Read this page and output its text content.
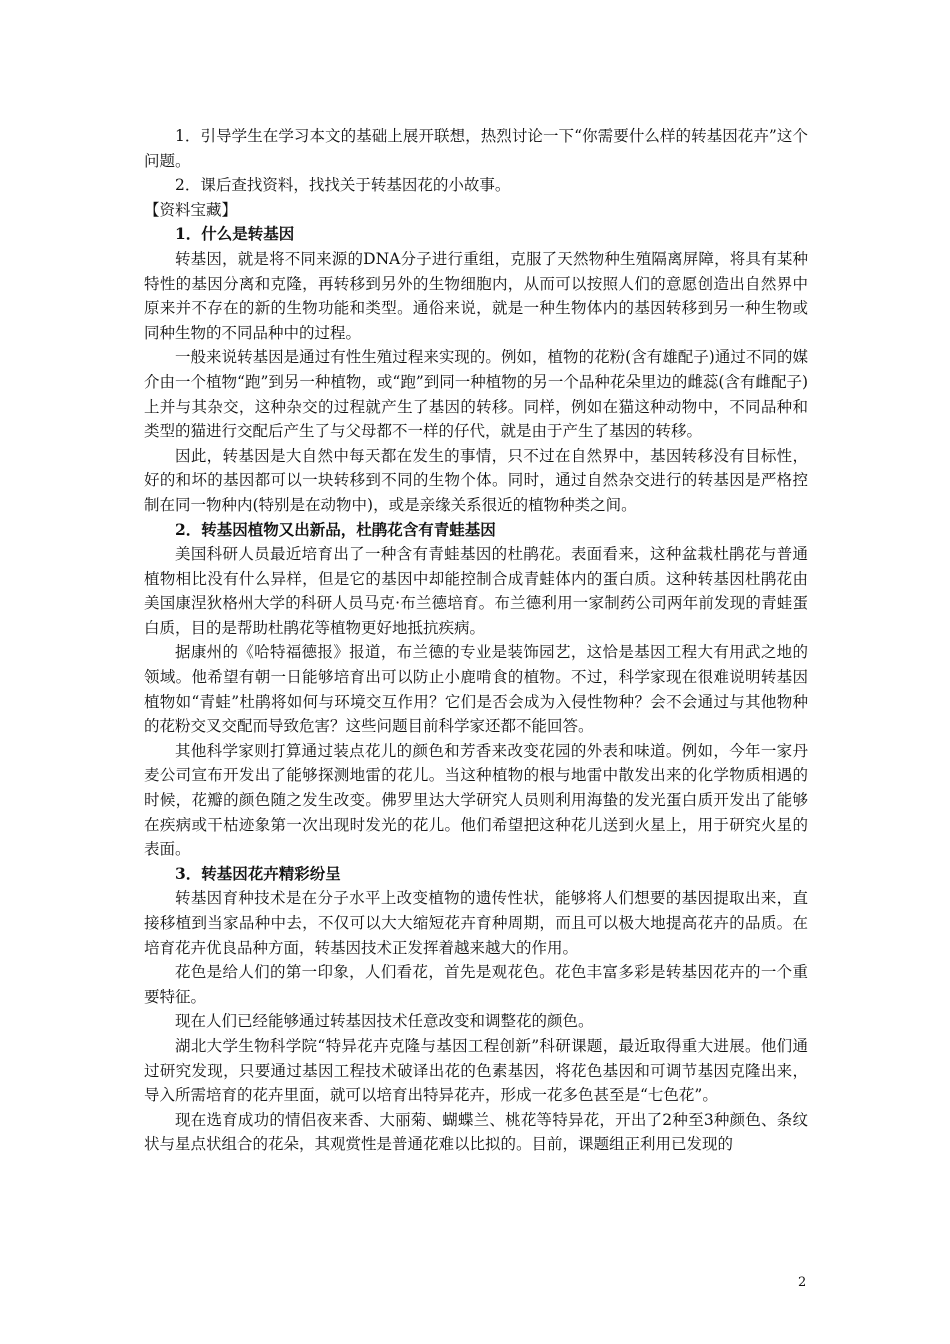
1．引导学生在学习本文的基础上展开联想，热烈讨论一下“你需要什么样的转基因花卉”这个问题。

2．课后查找资料，找找关于转基因花的小故事。

【资料宝藏】

1．什么是转基因

转基因，就是将不同来源的DNA分子进行重组，克服了天然物种生殖隔离屏障，将具有某种特性的基因分离和克隆，再转移到另外的生物细胞内，从而可以按照人们的意愿创造出自然界中原来并不存在的新的生物功能和类型。通俗来说，就是一种生物体内的基因转移到另一种生物或同种生物的不同品种中的过程。

一般来说转基因是通过有性生殖过程来实现的。例如，植物的花粉(含有雄配子)通过不同的媒介由一个植物“跑”到另一种植物，或“跑”到同一种植物的另一个品种花朵里边的雌蕊(含有雌配子)上并与其杂交，这种杂交的过程就产生了基因的转移。同样，例如在猫这种动物中，不同品种和类型的猫进行交配后产生了与父母都不一样的仔代，就是由于产生了基因的转移。

因此，转基因是大自然中每天都在发生的事情，只不过在自然界中，基因转移没有目标性，好的和坏的基因都可以一块转移到不同的生物个体。同时，通过自然杂交进行的转基因是严格控制在同一物种内(特别是在动物中)，或是亲缘关系很近的植物种类之间。

2．转基因植物又出新品，杜鹃花含有青蛙基因

美国科研人员最近培育出了一种含有青蛙基因的杜鹃花。表面看来，这种盆栽杜鹃花与普通植物相比没有什么异样，但是它的基因中却能控制合成青蛙体内的蛋白质。这种转基因杜鹃花由美国康涅狄格州大学的科研人员马克·布兰德培育。布兰德利用一家制药公司两年前发现的青蛙蛋白质，目的是帮助杜鹃花等植物更好地抵抗疾病。

据康州的《哈特福德报》报道，布兰德的专业是装饰园艺，这恰是基因工程大有用武之地的领域。他希望有朝一日能够培育出可以防止小鹿啃食的植物。不过，科学家现在很难说明转基因植物如“青蛙”杜鹃将如何与环境交互作用？它们是否会成为入侵性物种？会不会通过与其他物种的花粉交叉交配而导致危害？这些问题目前科学家还都不能回答。

其他科学家则打算通过装点花儿的颜色和芳香来改变花园的外表和味道。例如，今年一家丹麦公司宣布开发出了能够探测地雷的花儿。当这种植物的根与地雷中散发出来的化学物质相遇的时候，花瓣的颜色随之发生改变。佛罗里达大学研究人员则利用海蛰的发光蛋白质开发出了能够在疾病或干枯迹象第一次出现时发光的花儿。他们希望把这种花儿送到火星上，用于研究火星的表面。

3．转基因花卉精彩纷呈

转基因育种技术是在分子水平上改变植物的遗传性状，能够将人们想要的基因提取出来，直接移植到当家品种中去，不仅可以大大缩短花卉育种周期，而且可以极大地提高花卉的品质。在培育花卉优良品种方面，转基因技术正发挥着越来越大的作用。

花色是给人们的第一印象，人们看花，首先是观花色。花色丰富多彩是转基因花卉的一个重要特征。

现在人们已经能够通过转基因技术任意改变和调整花的颜色。

湖北大学生物科学院“特异花卉克隆与基因工程创新”科研课题，最近取得重大进展。他们通过研究发现，只要通过基因工程技术破译出花的色素基因，将花色基因和可调节基因克隆出来，导入所需培育的花卉里面，就可以培育出特异花卉，形成一花多色甚至是“七色花”。

现在选育成功的情侣夜来香、大丽菊、蝴蝶兰、桃花等特异花，开出了2种至3种颜色、条纹状与星点状组合的花朵，其观赏性是普通花难以比拟的。目前，课题组正利用已发现的

2
